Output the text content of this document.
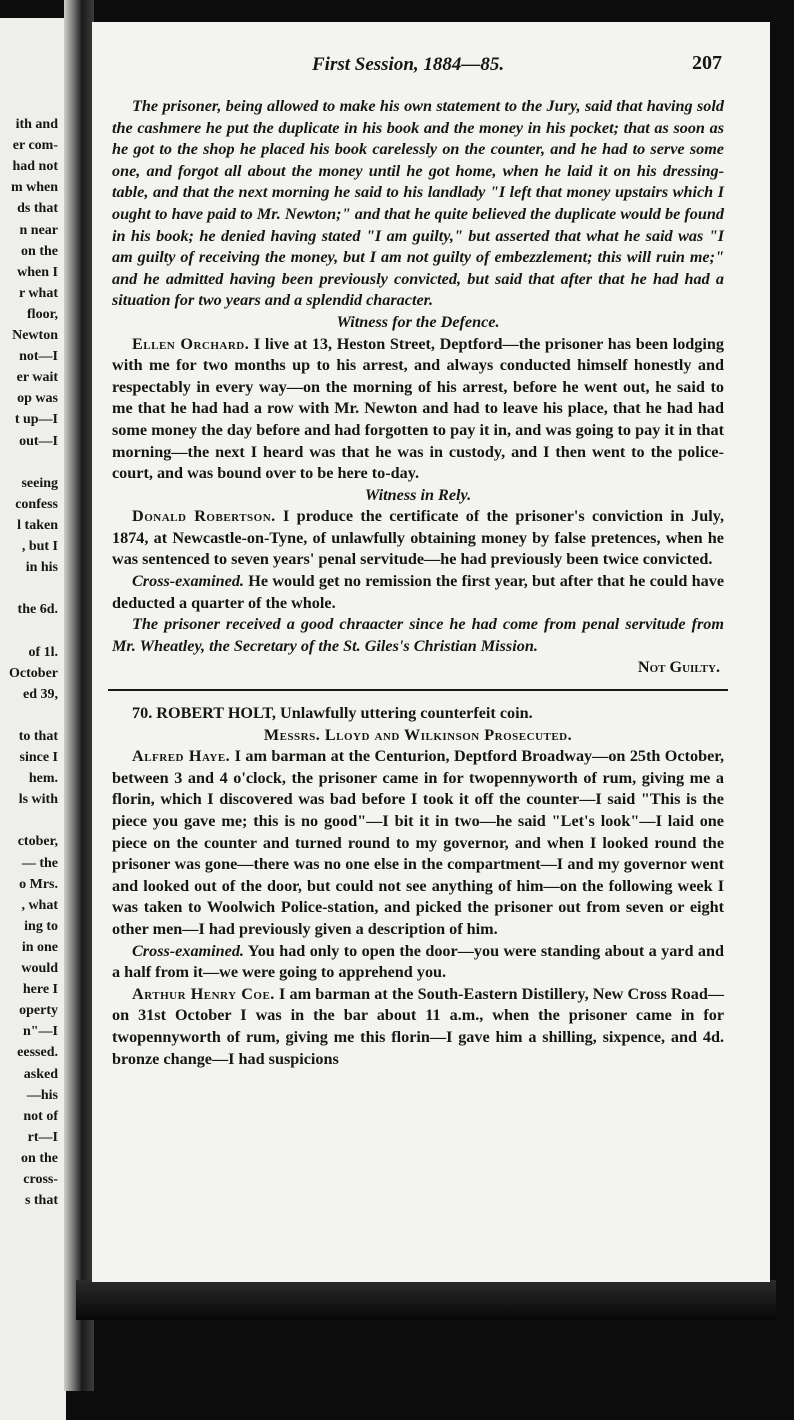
ith and
er com-
had not
m when
ds that
n near
on the
when I
r what
floor,
Newton
not—I
er wait
op was
t up—I
out—I
seeing
confess
l taken
, but I
in his
the 6d.
of 1l.
October
ed 39,
to that
since I
hem.
ls with
ctober,
— the
o Mrs.
, what
ing to
in one
would
here I
operty
n"—I
eessed.
asked
—his
not of
rt—I
on the
cross-
s that
First Session, 1884—85.	207

The prisoner, being allowed to make his own statement to the Jury, said that having sold the cashmere he put the duplicate in his book and the money in his pocket; that as soon as he got to the shop he placed his book carelessly on the counter, and he had to serve some one, and forgot all about the money until he got home, when he laid it on his dressing-table, and that the next morning he said to his landlady "I left that money upstairs which I ought to have paid to Mr. Newton;" and that he quite believed the duplicate would be found in his book; he denied having stated "I am guilty," but asserted that what he said was "I am guilty of receiving the money, but I am not guilty of embezzlement; this will ruin me;" and he admitted having been previously convicted, but said that after that he had had a situation for two years and a splendid character.

Witness for the Defence.

Ellen Orchard. I live at 13, Heston Street, Deptford—the prisoner has been lodging with me for two months up to his arrest, and always conducted himself honestly and respectably in every way—on the morning of his arrest, before he went out, he said to me that he had had a row with Mr. Newton and had to leave his place, that he had had some money the day before and had forgotten to pay it in, and was going to pay it in that morning—the next I heard was that he was in custody, and I then went to the police-court, and was bound over to be here to-day.

Witness in Rely.

Donald Robertson. I produce the certificate of the prisoner's conviction in July, 1874, at Newcastle-on-Tyne, of unlawfully obtaining money by false pretences, when he was sentenced to seven years' penal servitude—he had previously been twice convicted.

Cross-examined. He would get no remission the first year, but after that he could have deducted a quarter of the whole.

The prisoner received a good chraacter since he had come from penal servitude from Mr. Wheatley, the Secretary of the St. Giles's Christian Mission.

Not Guilty.

70. ROBERT HOLT, Unlawfully uttering counterfeit coin.

Messrs. Lloyd and Wilkinson Prosecuted.

Alfred Haye. I am barman at the Centurion, Deptford Broadway—on 25th October, between 3 and 4 o'clock, the prisoner came in for twopennyworth of rum, giving me a florin, which I discovered was bad before I took it off the counter—I said "This is the piece you gave me; this is no good"—I bit it in two—he said "Let's look"—I laid one piece on the counter and turned round to my governor, and when I looked round the prisoner was gone—there was no one else in the compartment—I and my governor went and looked out of the door, but could not see anything of him—on the following week I was taken to Woolwich Police-station, and picked the prisoner out from seven or eight other men—I had previously given a description of him.

Cross-examined. You had only to open the door—you were standing about a yard and a half from it—we were going to apprehend you.

Arthur Henry Coe. I am barman at the South-Eastern Distillery, New Cross Road—on 31st October I was in the bar about 11 a.m., when the prisoner came in for twopennyworth of rum, giving me this florin—I gave him a shilling, sixpence, and 4d. bronze change—I had suspicions
